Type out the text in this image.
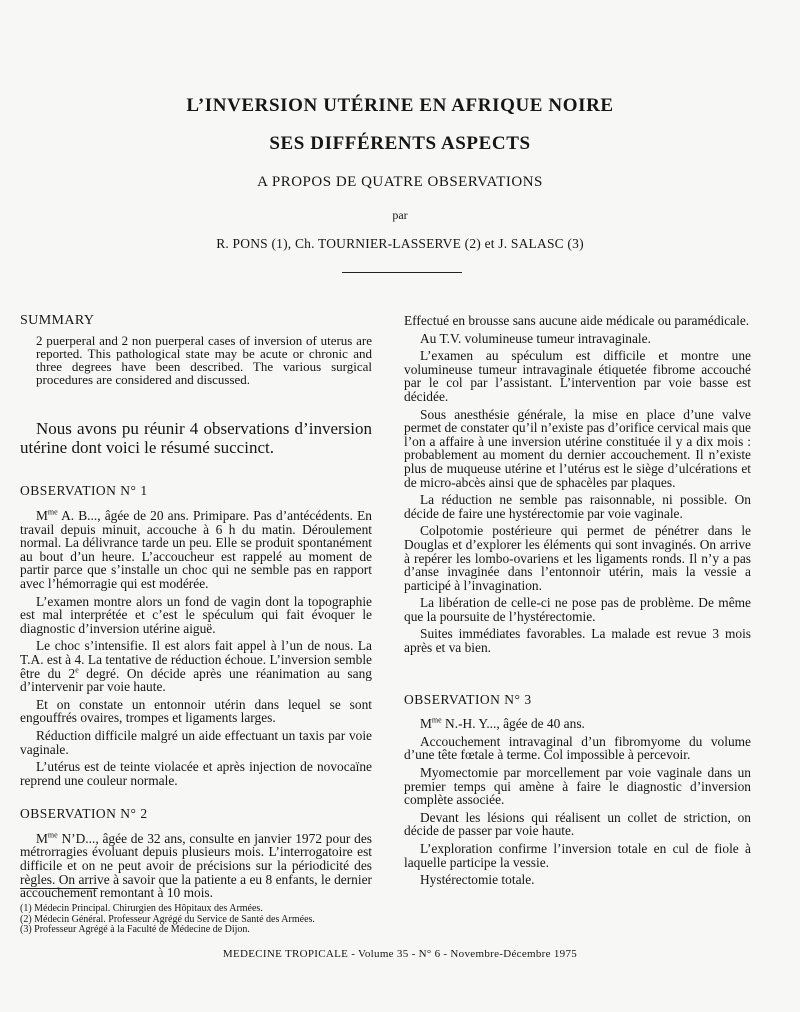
L’INVERSION UTÉRINE EN AFRIQUE NOIRE
SES DIFFÉRENTS ASPECTS
A PROPOS DE QUATRE OBSERVATIONS
par
R. PONS (1), Ch. TOURNIER-LASSERVE (2) et J. SALASC (3)
SUMMARY

2 puerperal and 2 non puerperal cases of inversion of uterus are reported. This pathological state may be acute or chronic and three degrees have been described. The various surgical procedures are considered and discussed.

Nous avons pu réunir 4 observations d’inversion utérine dont voici le résumé succinct.

OBSERVATION N° 1

$M^{me}$ A. B..., âgée de 20 ans. Primipare. Pas d’antécédents. En travail depuis minuit, accouche à 6 h du matin. Déroulement normal. La délivrance tarde un peu. Elle se produit spontanément au bout d’un heure. L’accoucheur est rappelé au moment de partir parce que s’installe un choc qui ne semble pas en rapport avec l’hémorragie qui est modérée.

L’examen montre alors un fond de vagin dont la topographie est mal interprétée et c’est le spéculum qui fait évoquer le diagnostic d’inversion utérine aiguë.

Le choc s’intensifie. Il est alors fait appel à l’un de nous. La T.A. est à 4. La tentative de réduction échoue. L’inversion semble être du 2e degré. On décide après une réanimation au sang d’intervenir par voie haute.

Et on constate un entonnoir utérin dans lequel se sont engouffrés ovaires, trompes et ligaments larges.

Réduction difficile malgré un aide effectuant un taxis par voie vaginale.

L’utérus est de teinte violacée et après injection de novocaïne reprend une couleur normale.

OBSERVATION N° 2

$M^{me}$ N’D..., âgée de 32 ans, consulte en janvier 1972 pour des métrorragies évoluant depuis plusieurs mois. L’interrogatoire est difficile et on ne peut avoir de précisions sur la périodicité des règles. On arrive à savoir que la patiente a eu 8 enfants, le dernier accouchement remontant à 10 mois.

Effectué en brousse sans aucune aide médicale ou paramédicale.

Au T.V. volumineuse tumeur intravaginale.

L’examen au spéculum est difficile et montre une volumineuse tumeur intravaginale étiquetée fibrome accouché par le col par l’assistant. L’intervention par voie basse est décidée.

Sous anesthésie générale, la mise en place d’une valve permet de constater qu’il n’existe pas d’orifice cervical mais que l’on a affaire à une inversion utérine constituée il y a dix mois : probablement au moment du dernier accouchement. Il n’existe plus de muqueuse utérine et l’utérus est le siège d’ulcérations et de micro-abcès ainsi que de sphacèles par plaques.

La réduction ne semble pas raisonnable, ni possible. On décide de faire une hystérectomie par voie vaginale.

Colpotomie postérieure qui permet de pénétrer dans le Douglas et d’explorer les éléments qui sont invaginés. On arrive à repérer les lombo-ovariens et les ligaments ronds. Il n’y a pas d’anse invaginée dans l’entonnoir utérin, mais la vessie a participé à l’invagination.

La libération de celle-ci ne pose pas de problème. De même que la poursuite de l’hystérectomie.

Suites immédiates favorables. La malade est revue 3 mois après et va bien.

OBSERVATION N° 3

$M^{me}$ N.-H. Y..., âgée de 40 ans.

Accouchement intravaginal d’un fibromyome du volume d’une tête fœtale à terme. Col impossible à percevoir.

Myomectomie par morcellement par voie vaginale dans un premier temps qui amène à faire le diagnostic d’inversion complète associée.

Devant les lésions qui réalisent un collet de striction, on décide de passer par voie haute.

L’exploration confirme l’inversion totale en cul de fiole à laquelle participe la vessie.

Hystérectomie totale.

(1) Médecin Principal. Chirurgien des Hôpitaux des Armées.
(2) Médecin Général. Professeur Agrégé du Service de Santé des Armées.
(3) Professeur Agrégé à la Faculté de Médecine de Dijon.
MEDECINE TROPICALE - Volume 35 - N° 6 - Novembre-Décembre 1975
